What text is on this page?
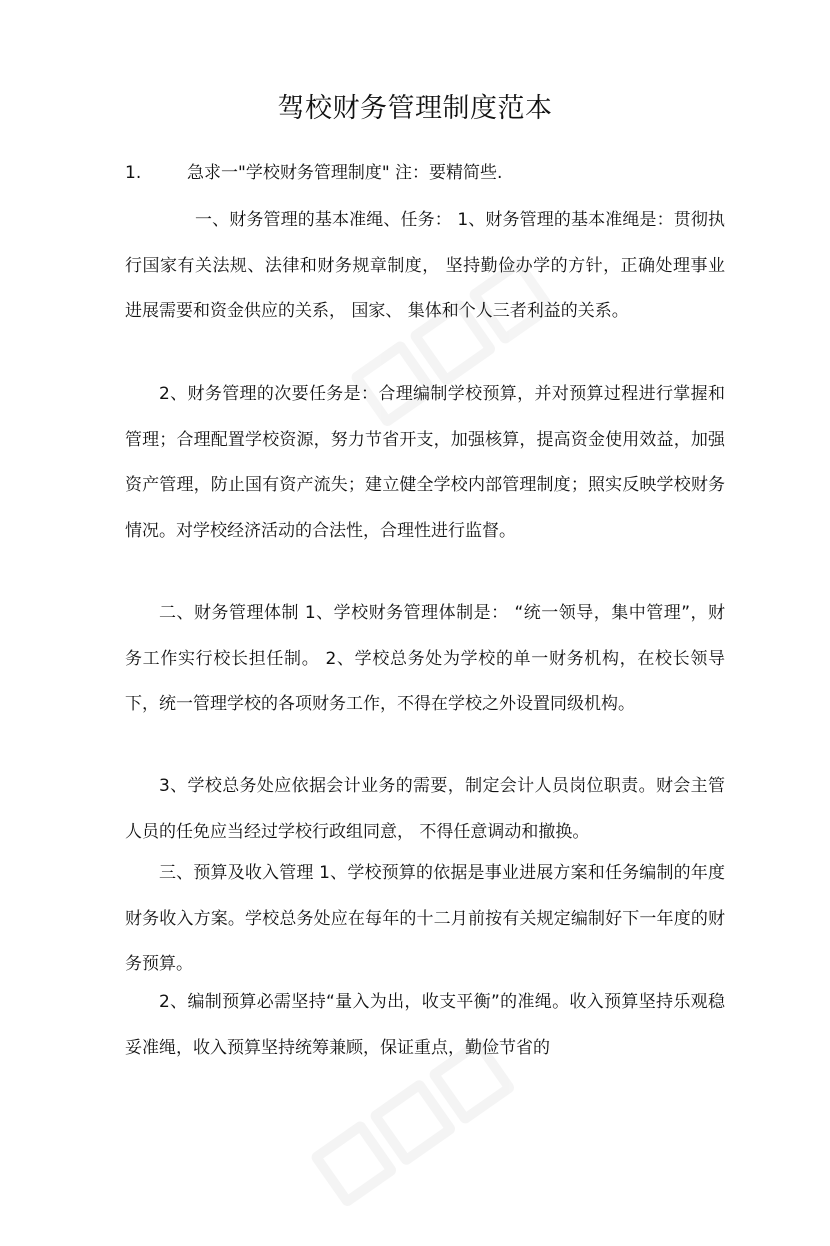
驾校财务管理制度范本
1.	急求一"学校财务管理制度" 注：要精简些.

一、财务管理的基本准绳、任务： 1、财务管理的基本准绳是：贯彻执行国家有关法规、法律和财务规章制度， 坚持勤俭办学的方针，正确处理事业进展需要和资金供应的关系， 国家、 集体和个人三者利益的关系。

2、财务管理的次要任务是：合理编制学校预算，并对预算过程进行掌握和管理；合理配置学校资源，努力节省开支，加强核算，提高资金使用效益，加强资产管理，防止国有资产流失；建立健全学校内部管理制度；照实反映学校财务情况。对学校经济活动的合法性，合理性进行监督。

二、财务管理体制 1、学校财务管理体制是： “统一领导，集中管理”，财务工作实行校长担任制。 2、学校总务处为学校的单一财务机构，在校长领导下，统一管理学校的各项财务工作，不得在学校之外设置同级机构。

3、学校总务处应依据会计业务的需要，制定会计人员岗位职责。财会主管人员的任免应当经过学校行政组同意， 不得任意调动和撤换。

三、预算及收入管理 1、学校预算的依据是事业进展方案和任务编制的年度财务收入方案。学校总务处应在每年的十二月前按有关规定编制好下一年度的财务预算。

2、编制预算必需坚持“量入为出，收支平衡”的准绳。收入预算坚持乐观稳妥准绳，收入预算坚持统筹兼顾，保证重点，勤俭节省的
